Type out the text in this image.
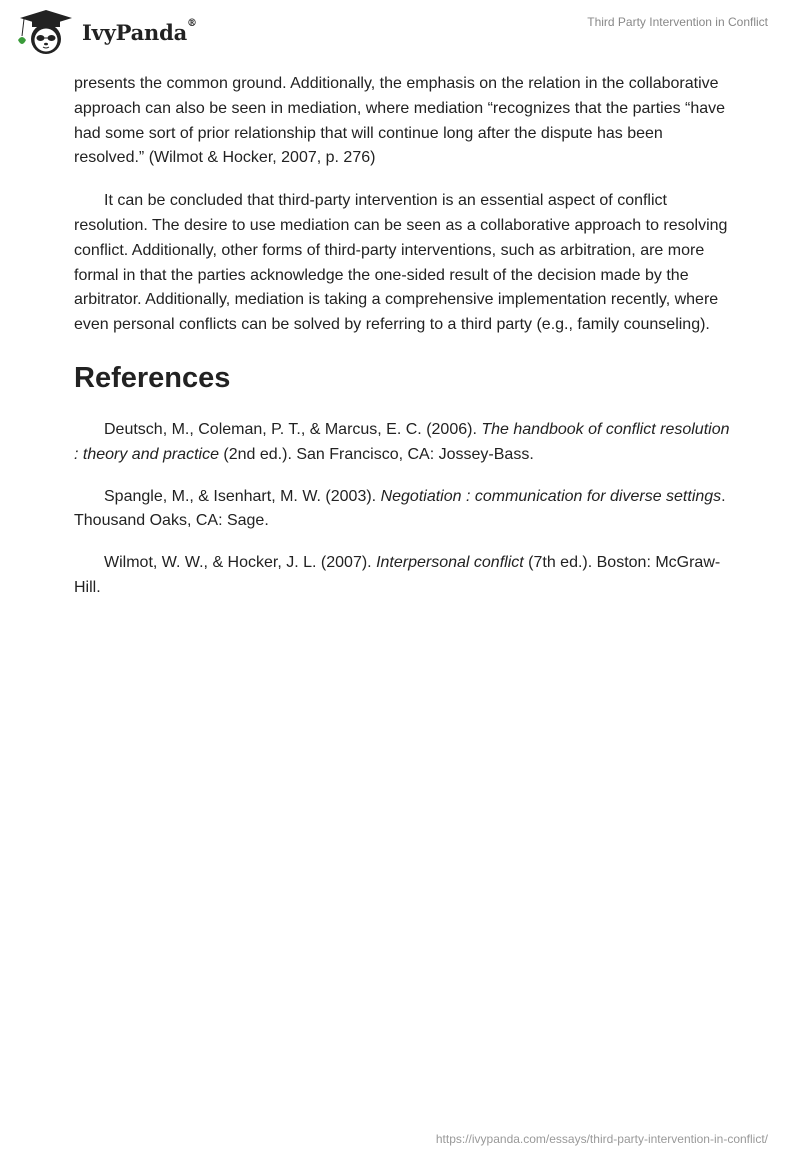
IvyPanda®	Third Party Intervention in Conflict

presents the common ground. Additionally, the emphasis on the relation in the collaborative approach can also be seen in mediation, where mediation “recognizes that the parties “have had some sort of prior relationship that will continue long after the dispute has been resolved.” (Wilmot & Hocker, 2007, p. 276)

It can be concluded that third-party intervention is an essential aspect of conflict resolution. The desire to use mediation can be seen as a collaborative approach to resolving conflict. Additionally, other forms of third-party interventions, such as arbitration, are more formal in that the parties acknowledge the one-sided result of the decision made by the arbitrator. Additionally, mediation is taking a comprehensive implementation recently, where even personal conflicts can be solved by referring to a third party (e.g., family counseling).

References

Deutsch, M., Coleman, P. T., & Marcus, E. C. (2006). The handbook of conflict resolution : theory and practice (2nd ed.). San Francisco, CA: Jossey-Bass.

Spangle, M., & Isenhart, M. W. (2003). Negotiation : communication for diverse settings. Thousand Oaks, CA: Sage.

Wilmot, W. W., & Hocker, J. L. (2007). Interpersonal conflict (7th ed.). Boston: McGraw-Hill.

https://ivypanda.com/essays/third-party-intervention-in-conflict/
